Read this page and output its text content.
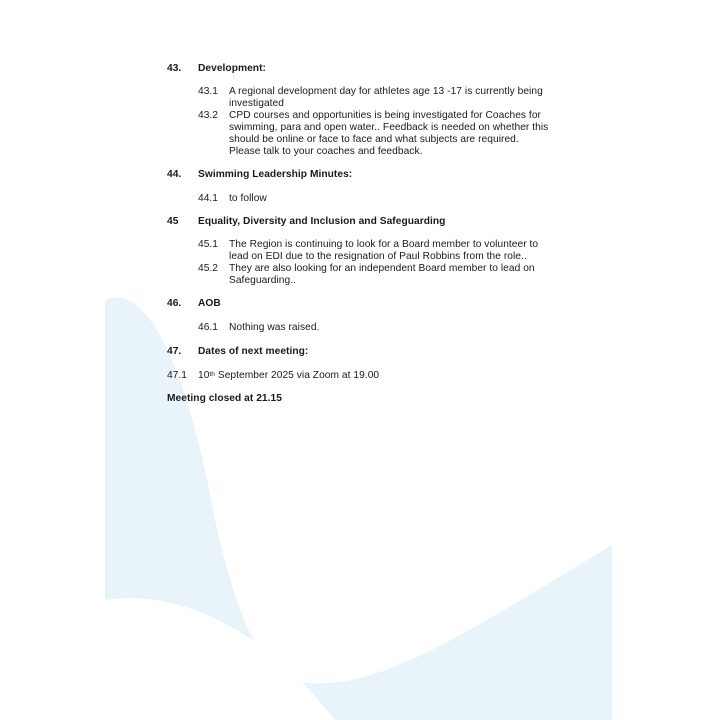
43. Development:
43.1 A regional development day for athletes age 13 -17 is currently being
investigated
43.2 CPD courses and opportunities is being investigated for Coaches for
swimming, para and open water.. Feedback is needed on whether this
should be online or face to face and what subjects are required.
Please talk to your coaches and feedback.
44. Swimming Leadership Minutes:
44.1 to follow
45 Equality, Diversity and Inclusion and Safeguarding
45.1 The Region is continuing to look for a Board member to volunteer to
lead on EDI due to the resignation of Paul Robbins from the role..
45.2 They are also looking for an independent Board member to lead on
Safeguarding..
46. AOB
46.1 Nothing was raised.
47. Dates of next meeting:
47.1 10th September 2025 via Zoom at 19.00
Meeting closed at 21.15
